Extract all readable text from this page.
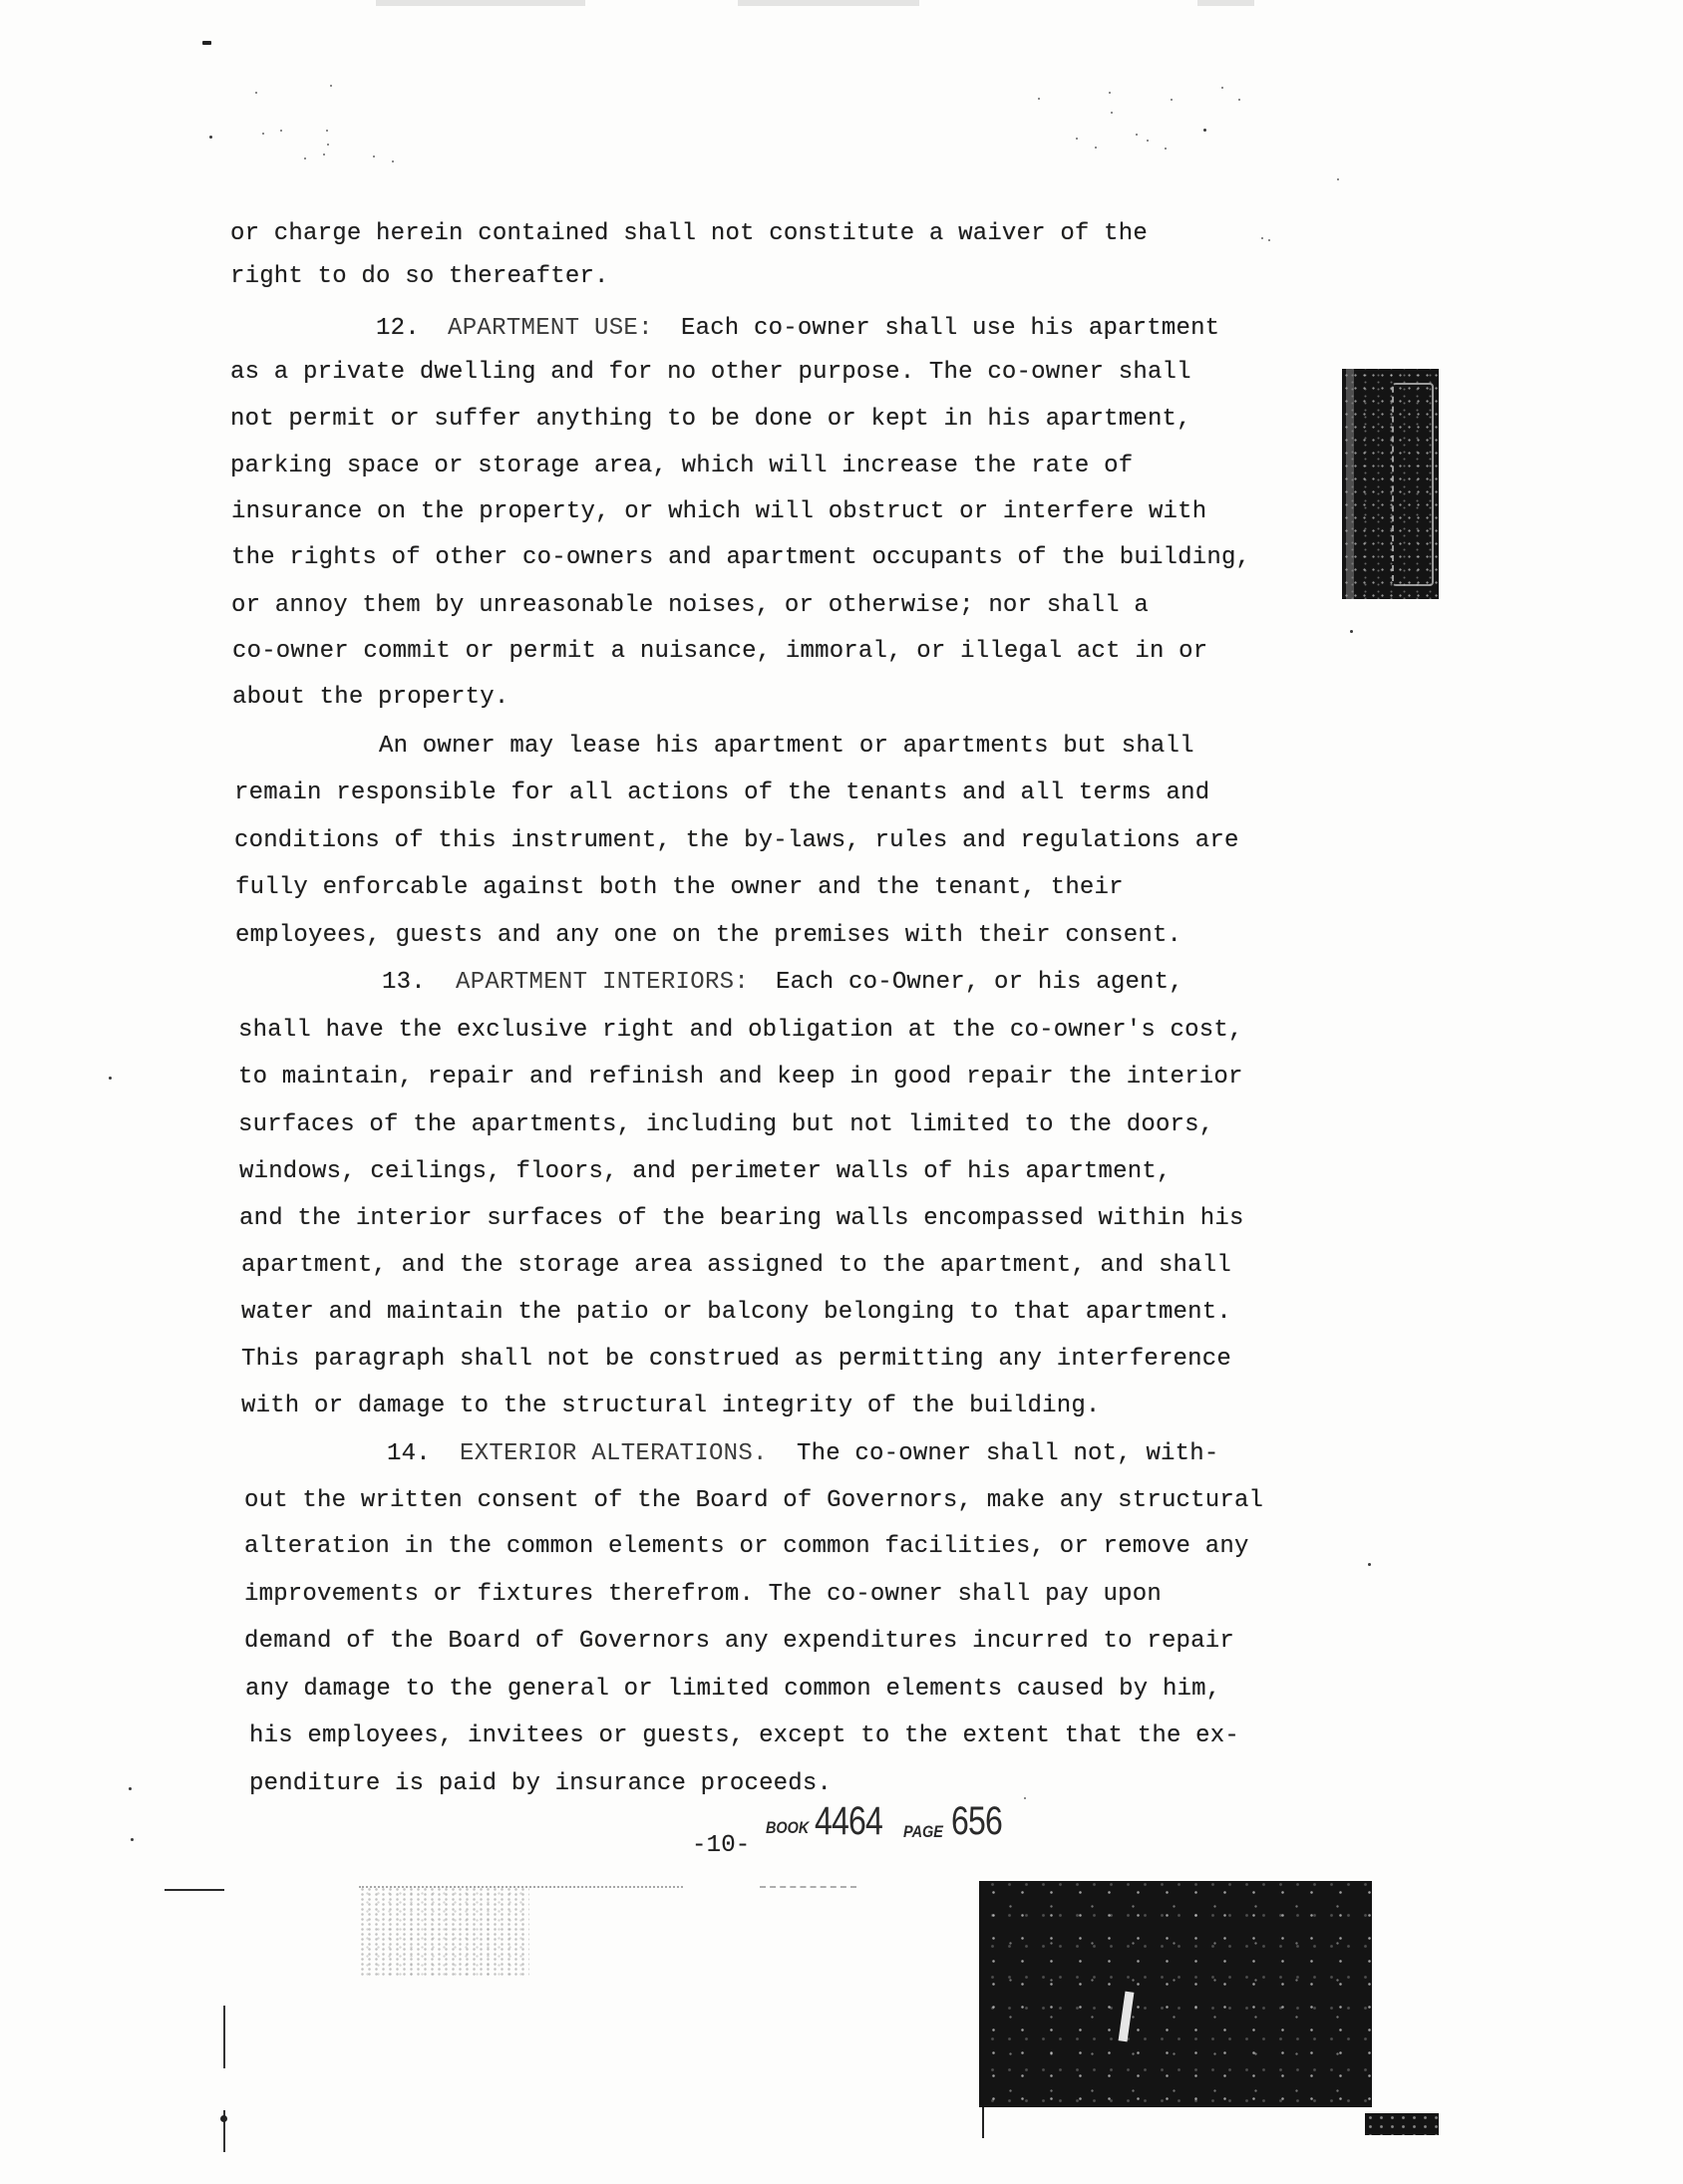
or charge herein contained shall not constitute a waiver of the
right to do so thereafter.
12. APARTMENT USE: Each co-owner shall use his apartment
as a private dwelling and for no other purpose. The co-owner shall
not permit or suffer anything to be done or kept in his apartment,
parking space or storage area, which will increase the rate of
insurance on the property, or which will obstruct or interfere with
the rights of other co-owners and apartment occupants of the building,
or annoy them by unreasonable noises, or otherwise; nor shall a
co-owner commit or permit a nuisance, immoral, or illegal act in or
about the property.
An owner may lease his apartment or apartments but shall
remain responsible for all actions of the tenants and all terms and
conditions of this instrument, the by-laws, rules and regulations are
fully enforcable against both the owner and the tenant, their
employees, guests and any one on the premises with their consent.
13. APARTMENT INTERIORS: Each co-Owner, or his agent,
shall have the exclusive right and obligation at the co-owner's cost,
to maintain, repair and refinish and keep in good repair the interior
surfaces of the apartments, including but not limited to the doors,
windows, ceilings, floors, and perimeter walls of his apartment,
and the interior surfaces of the bearing walls encompassed within his
apartment, and the storage area assigned to the apartment, and shall
water and maintain the patio or balcony belonging to that apartment.
This paragraph shall not be construed as permitting any interference
with or damage to the structural integrity of the building.
14. EXTERIOR ALTERATIONS. The co-owner shall not, with-
out the written consent of the Board of Governors, make any structural
alteration in the common elements or common facilities, or remove any
improvements or fixtures therefrom. The co-owner shall pay upon
demand of the Board of Governors any expenditures incurred to repair
any damage to the general or limited common elements caused by him,
his employees, invitees or guests, except to the extent that the ex-
penditure is paid by insurance proceeds.
-10-
BOOK 4464 PAGE 656
